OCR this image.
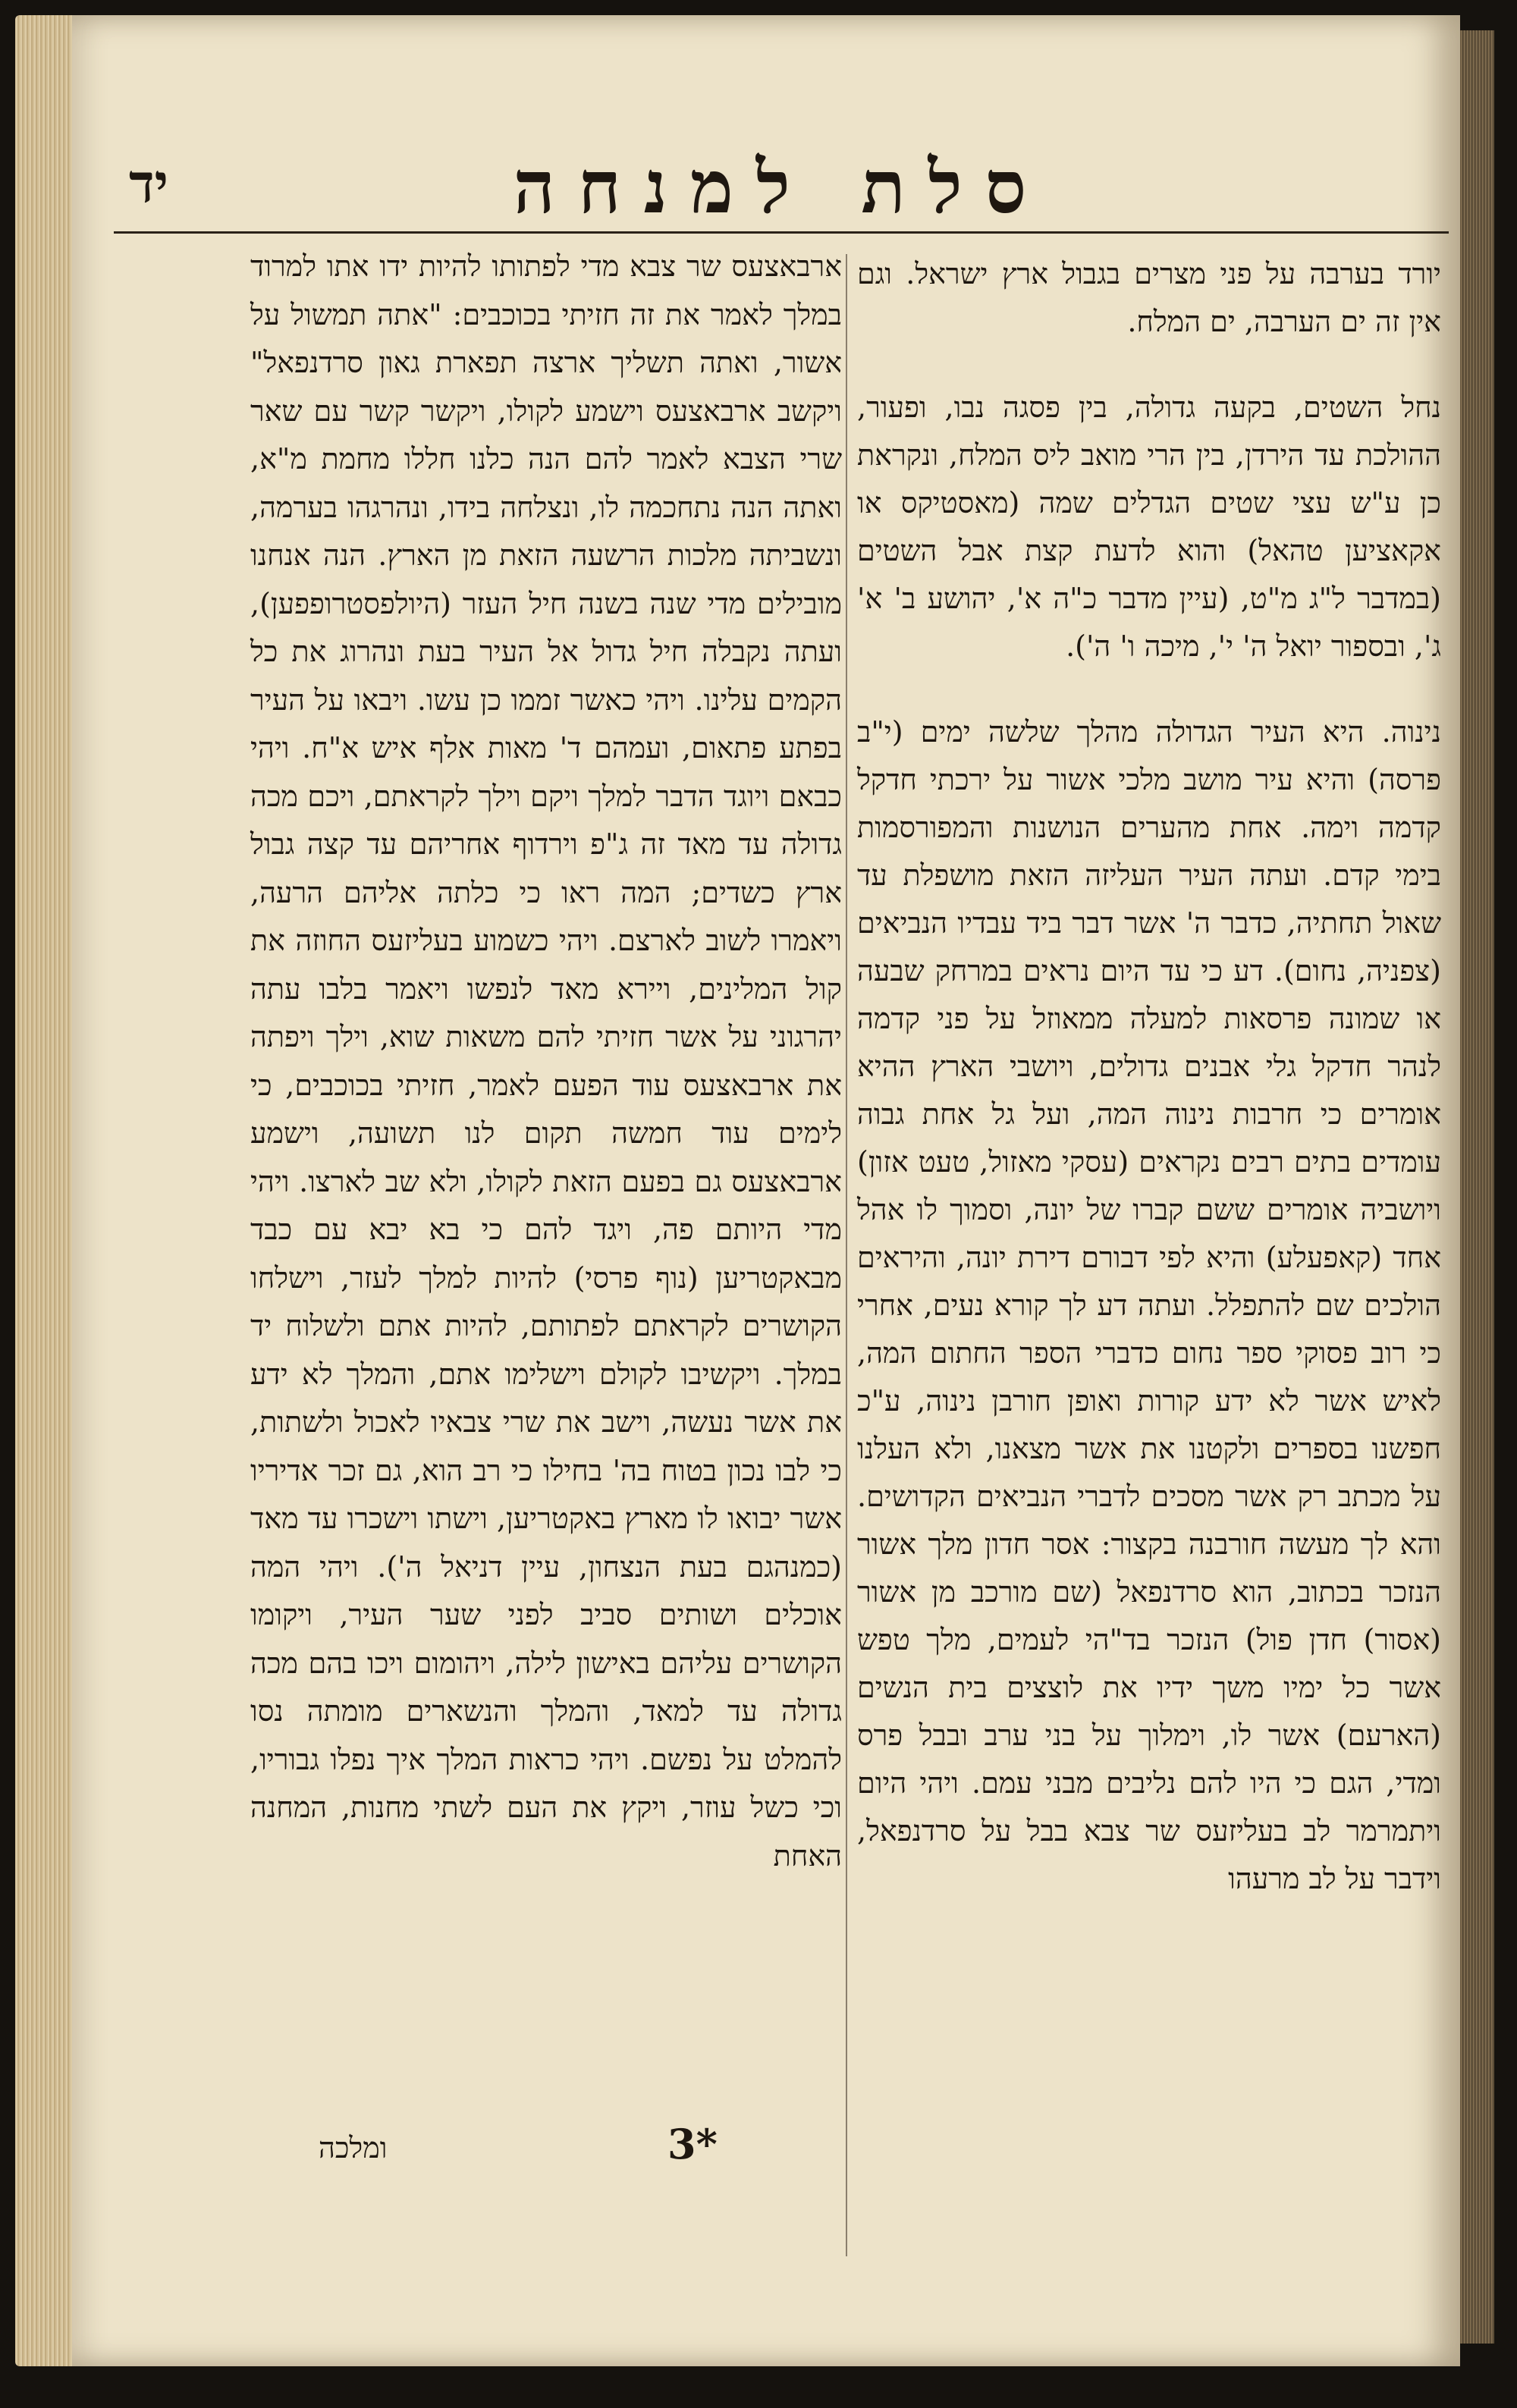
סלת למנחה
יד

יורד בערבה על פני מצרים בגבול ארץ ישראל. וגם אין זה ים הערבה, ים המלח.

נחל השטים, בקעה גדולה, בין פסגה נבו, ופעור, ההולכת עד הירדן, בין הרי מואב ליס המלח, ונקראת כן ע"ש עצי שטים הגדלים שמה (מאסטיקס או אקאציען טהאל) והוא לדעת קצת אבל השטים (במדבר ל"ג מ"ט, (עיין מדבר כ"ה א', יהושע ב' א' ג', ובספור יואל ה' י', מיכה ו' ה').

נינוה. היא העיר הגדולה מהלך שלשה ימים (י"ב פרסה) והיא עיר מושב מלכי אשור על ירכתי חדקל קדמה וימה. אחת מהערים הנושנות והמפורסמות בימי קדם. ועתה העיר העליזה הזאת מושפלת עד שאול תחתיה, כדבר ה' אשר דבר ביד עבדיו הנביאים (צפניה, נחום). דע כי עד היום נראים במרחק שבעה או שמונה פרסאות למעלה ממאוזל על פני קדמה לנהר חדקל גלי אבנים גדולים, ויושבי הארץ ההיא אומרים כי חרבות נינוה המה, ועל גל אחת גבוה עומדים בתים רבים נקראים (עסקי מאזול, טעט אזון) ויושביה אומרים ששם קברו של יונה, וסמוך לו אהל אחד (קאפעלע) והיא לפי דבורם דירת יונה, והיראים הולכים שם להתפלל. ועתה דע לך קורא נעים, אחרי כי רוב פסוקי ספר נחום כדברי הספר החתום המה, לאיש אשר לא ידע קורות ואופן חורבן נינוה, ע"כ חפשנו בספרים ולקטנו את אשר מצאנו, ולא העלנו על מכתב רק אשר מסכים לדברי הנביאים הקדושים. והא לך מעשה חורבנה בקצור: אסר חדון מלך אשור הנזכר בכתוב, הוא סרדנפאל (שם מורכב מן אשור (אסור) חדן פול) הנזכר בד"הי לעמים, מלך טפש אשר כל ימיו משך ידיו את לוצצים בית הנשים (הארעם) אשר לו, וימלוך על בני ערב ובבל פרס ומדי, הגם כי היו להם נליבים מבני עמם. ויהי היום ויתמרמר לב בעליזעס שר צבא בבל על סרדנפאל, וידבר על לב מרעהו

ארבאצעס שר צבא מדי לפתותו להיות ידו אתו למרוד במלך לאמר את זה חזיתי בכוכבים: "אתה תמשול על אשור, ואתה תשליך ארצה תפארת גאון סרדנפאל" ויקשב ארבאצעס וישמע לקולו, ויקשר קשר עם שאר שרי הצבא לאמר להם הנה כלנו חללו מחמת מ"א, ואתה הנה נתחכמה לו, ונצלחה בידו, ונהרגהו בערמה, ונשביתה מלכות הרשעה הזאת מן הארץ. הנה אנחנו מובילים מדי שנה בשנה חיל העזר (היולפסטרופפען), ועתה נקבלה חיל גדול אל העיר בעת ונהרוג את כל הקמים עלינו. ויהי כאשר זממו כן עשו. ויבאו על העיר בפתע פתאום, ועמהם ד' מאות אלף איש א"ח. ויהי כבאם ויוגד הדבר למלך ויקם וילך לקראתם, ויכם מכה גדולה עד מאד זה ג"פ וירדוף אחריהם עד קצה גבול ארץ כשדים; המה ראו כי כלתה אליהם הרעה, ויאמרו לשוב לארצם. ויהי כשמוע בעליזעס החוזה את קול המלינים, ויירא מאד לנפשו ויאמר בלבו עתה יהרגוני על אשר חזיתי להם משאות שוא, וילך ויפתה את ארבאצעס עוד הפעם לאמר, חזיתי בכוכבים, כי לימים עוד חמשה תקום לנו תשועה, וישמע ארבאצעס גם בפעם הזאת לקולו, ולא שב לארצו. ויהי מדי היותם פה, ויגד להם כי בא יבא עם כבד מבאקטריען (נוף פרסי) להיות למלך לעזר, וישלחו הקושרים לקראתם לפתותם, להיות אתם ולשלוח יד במלך. ויקשיבו לקולם וישלימו אתם, והמלך לא ידע את אשר נעשה, וישב את שרי צבאיו לאכול ולשתות, כי לבו נכון בטוח בה' בחילו כי רב הוא, גם זכר אדיריו אשר יבואו לו מארץ באקטריען, וישתו וישכרו עד מאד (כמנהגם בעת הנצחון, עיין דניאל ה'). ויהי המה אוכלים ושותים סביב לפני שער העיר, ויקומו הקושרים עליהם באישון לילה, ויהומום ויכו בהם מכה גדולה עד למאד, והמלך והנשארים מומתה נסו להמלט על נפשם. ויהי כראות המלך איך נפלו גבוריו, וכי כשל עוזר, ויקץ את העם לשתי מחנות, המחנה האחת

3*
ומלכה
